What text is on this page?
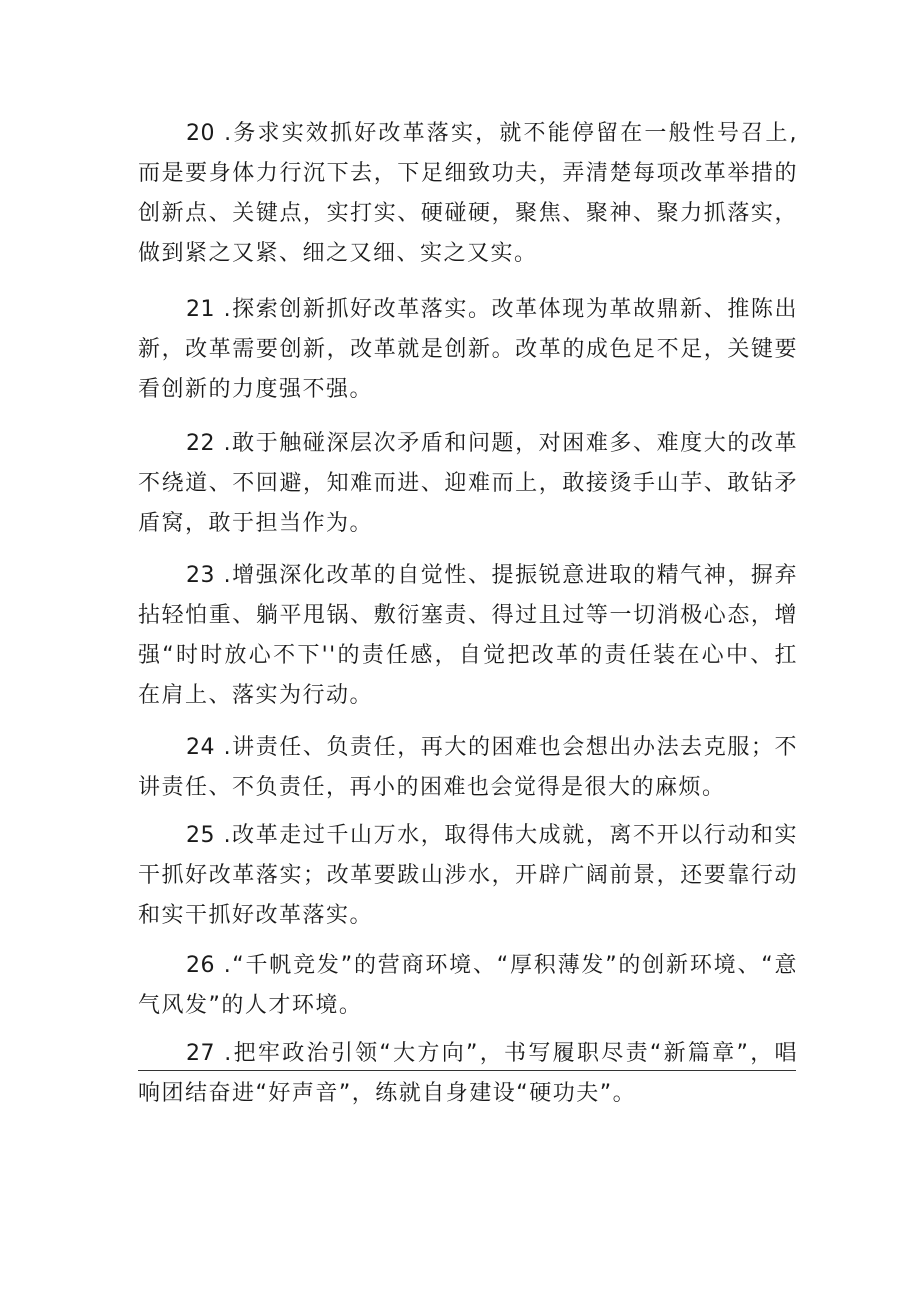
20 .务求实效抓好改革落实，就不能停留在一般性号召上,而是要身体力行沉下去，下足细致功夫，弄清楚每项改革举措的创新点、关键点，实打实、硬碰硬，聚焦、聚神、聚力抓落实，做到紧之又紧、细之又细、实之又实。

21 .探索创新抓好改革落实。改革体现为革故鼎新、推陈出新，改革需要创新，改革就是创新。改革的成色足不足，关键要看创新的力度强不强。

22 .敢于触碰深层次矛盾和问题，对困难多、难度大的改革不绕道、不回避，知难而进、迎难而上，敢接烫手山芋、敢钻矛盾窝，敢于担当作为。

23 .增强深化改革的自觉性、提振锐意进取的精气神，摒弃拈轻怕重、躺平甩锅、敷衍塞责、得过且过等一切消极心态，增强“时时放心不下''的责任感，自觉把改革的责任装在心中、扛在肩上、落实为行动。

24 .讲责任、负责任，再大的困难也会想出办法去克服；不讲责任、不负责任，再小的困难也会觉得是很大的麻烦。

25 .改革走过千山万水，取得伟大成就，离不开以行动和实干抓好改革落实；改革要跋山涉水，开辟广阔前景，还要靠行动和实干抓好改革落实。

26 .“千帆竞发”的营商环境、“厚积薄发”的创新环境、“意气风发”的人才环境。

27 .把牢政治引领“大方向”，书写履职尽责“新篇章”，唱响团结奋进“好声音”，练就自身建设“硬功夫”。
